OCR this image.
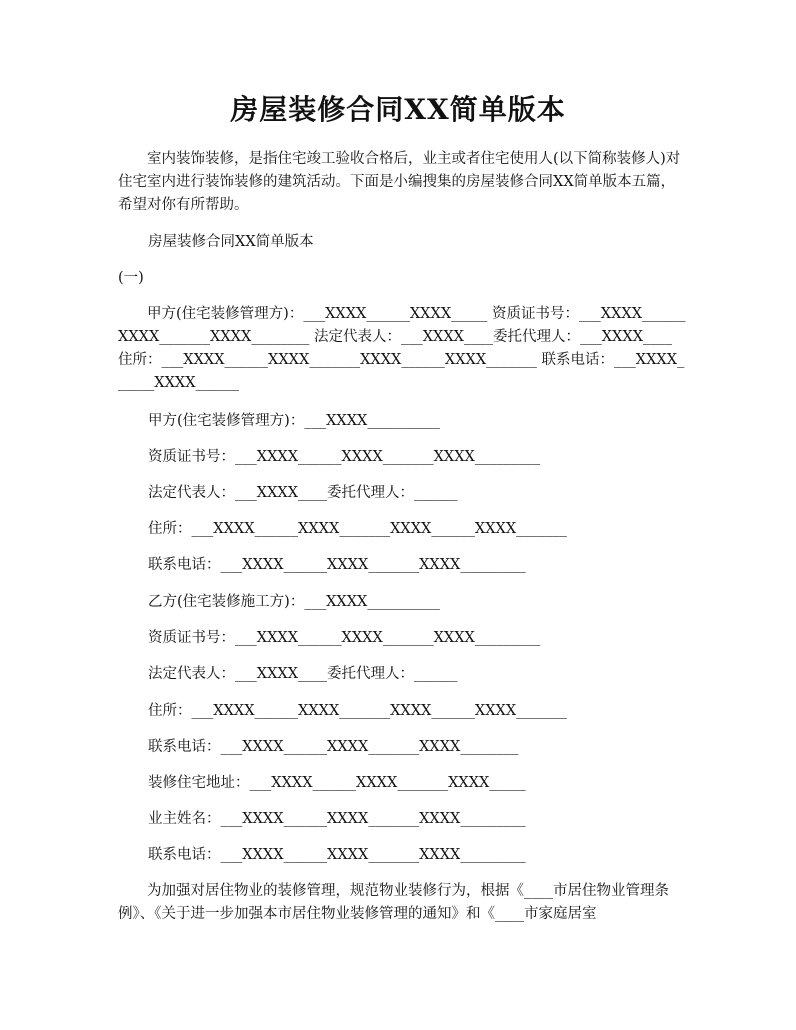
房屋装修合同XX简单版本

室内装饰装修，是指住宅竣工验收合格后，业主或者住宅使用人(以下简称装修人)对住宅室内进行装饰装修的建筑活动。下面是小编搜集的房屋装修合同XX简单版本五篇，希望对你有所帮助。

房屋装修合同XX简单版本

(一)

甲方(住宅装修管理方)：___XXXX______XXXX_____ 资质证书号：___XXXX______XXXX_______XXXX________ 法定代表人：___XXXX____委托代理人：___XXXX____ 住所：___XXXX______XXXX_______XXXX______XXXX_______ 联系电话：___XXXX______XXXX______

甲方(住宅装修管理方)：___XXXX__________

资质证书号：___XXXX______XXXX_______XXXX_________

法定代表人：___XXXX____委托代理人：______

住所：___XXXX______XXXX_______XXXX______XXXX_______

联系电话：___XXXX______XXXX_______XXXX_________

乙方(住宅装修施工方)：___XXXX__________

资质证书号：___XXXX______XXXX_______XXXX_________

法定代表人：___XXXX____委托代理人：______

住所：___XXXX______XXXX_______XXXX______XXXX_______

联系电话：___XXXX______XXXX_______XXXX________

装修住宅地址：___XXXX______XXXX_______XXXX_____

业主姓名：___XXXX______XXXX_______XXXX_________

联系电话：___XXXX______XXXX_______XXXX_________

为加强对居住物业的装修管理，规范物业装修行为，根据《____市居住物业管理条例》、《关于进一步加强本市居住物业装修管理的通知》和《____市家庭居室
